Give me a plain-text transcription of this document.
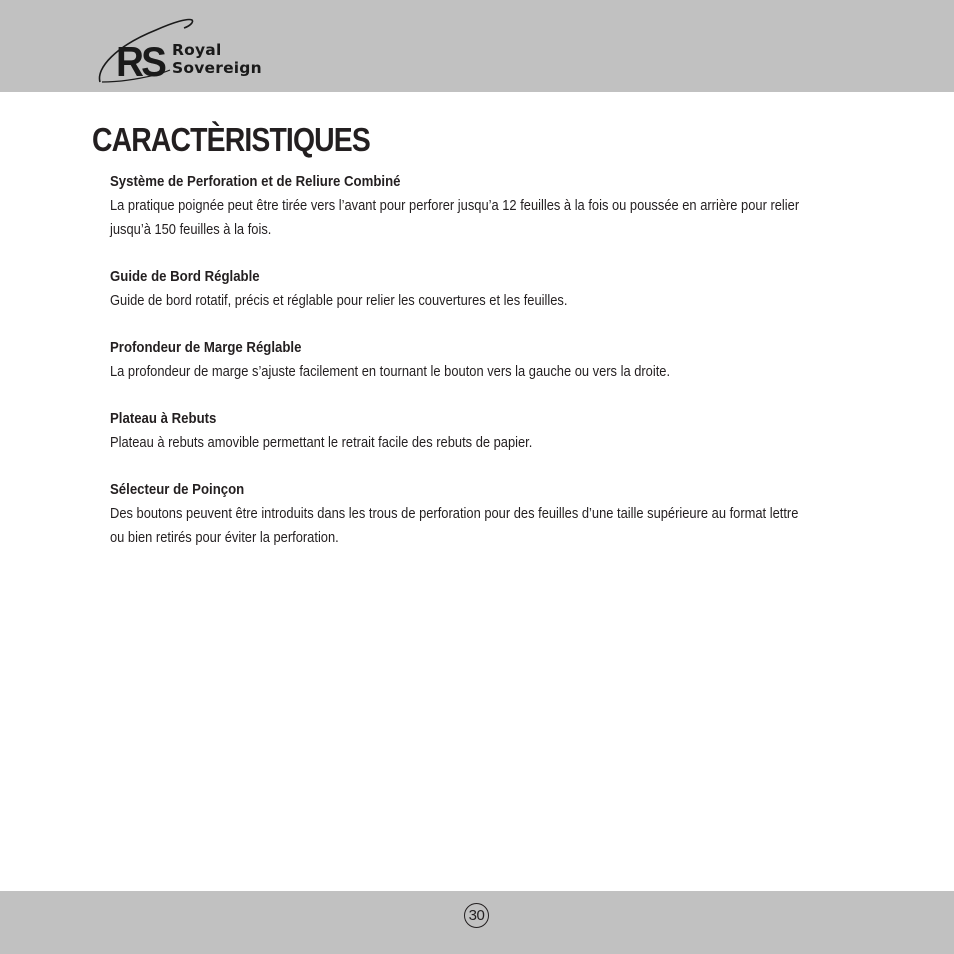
RS Royal
Sovereign
CARACTÈRISTIQUES

Système de Perforation et de Reliure Combiné

La pratique poignée peut être tirée vers l’avant pour perforer jusqu’a 12 feuilles à la fois ou poussée en arrière pour relier
jusqu’à 150 feuilles à la fois.

Guide de Bord Réglable

Guide de bord rotatif, précis et réglable pour relier les couvertures et les feuilles.

Profondeur de Marge Réglable

La profondeur de marge s’ajuste facilement en tournant le bouton vers la gauche ou vers la droite.

Plateau à Rebuts

Plateau à rebuts amovible permettant le retrait facile des rebuts de papier.

Sélecteur de Poinçon

Des boutons peuvent être introduits dans les trous de perforation pour des feuilles d’une taille supérieure au format lettre
ou bien retirés pour éviter la perforation.

30
